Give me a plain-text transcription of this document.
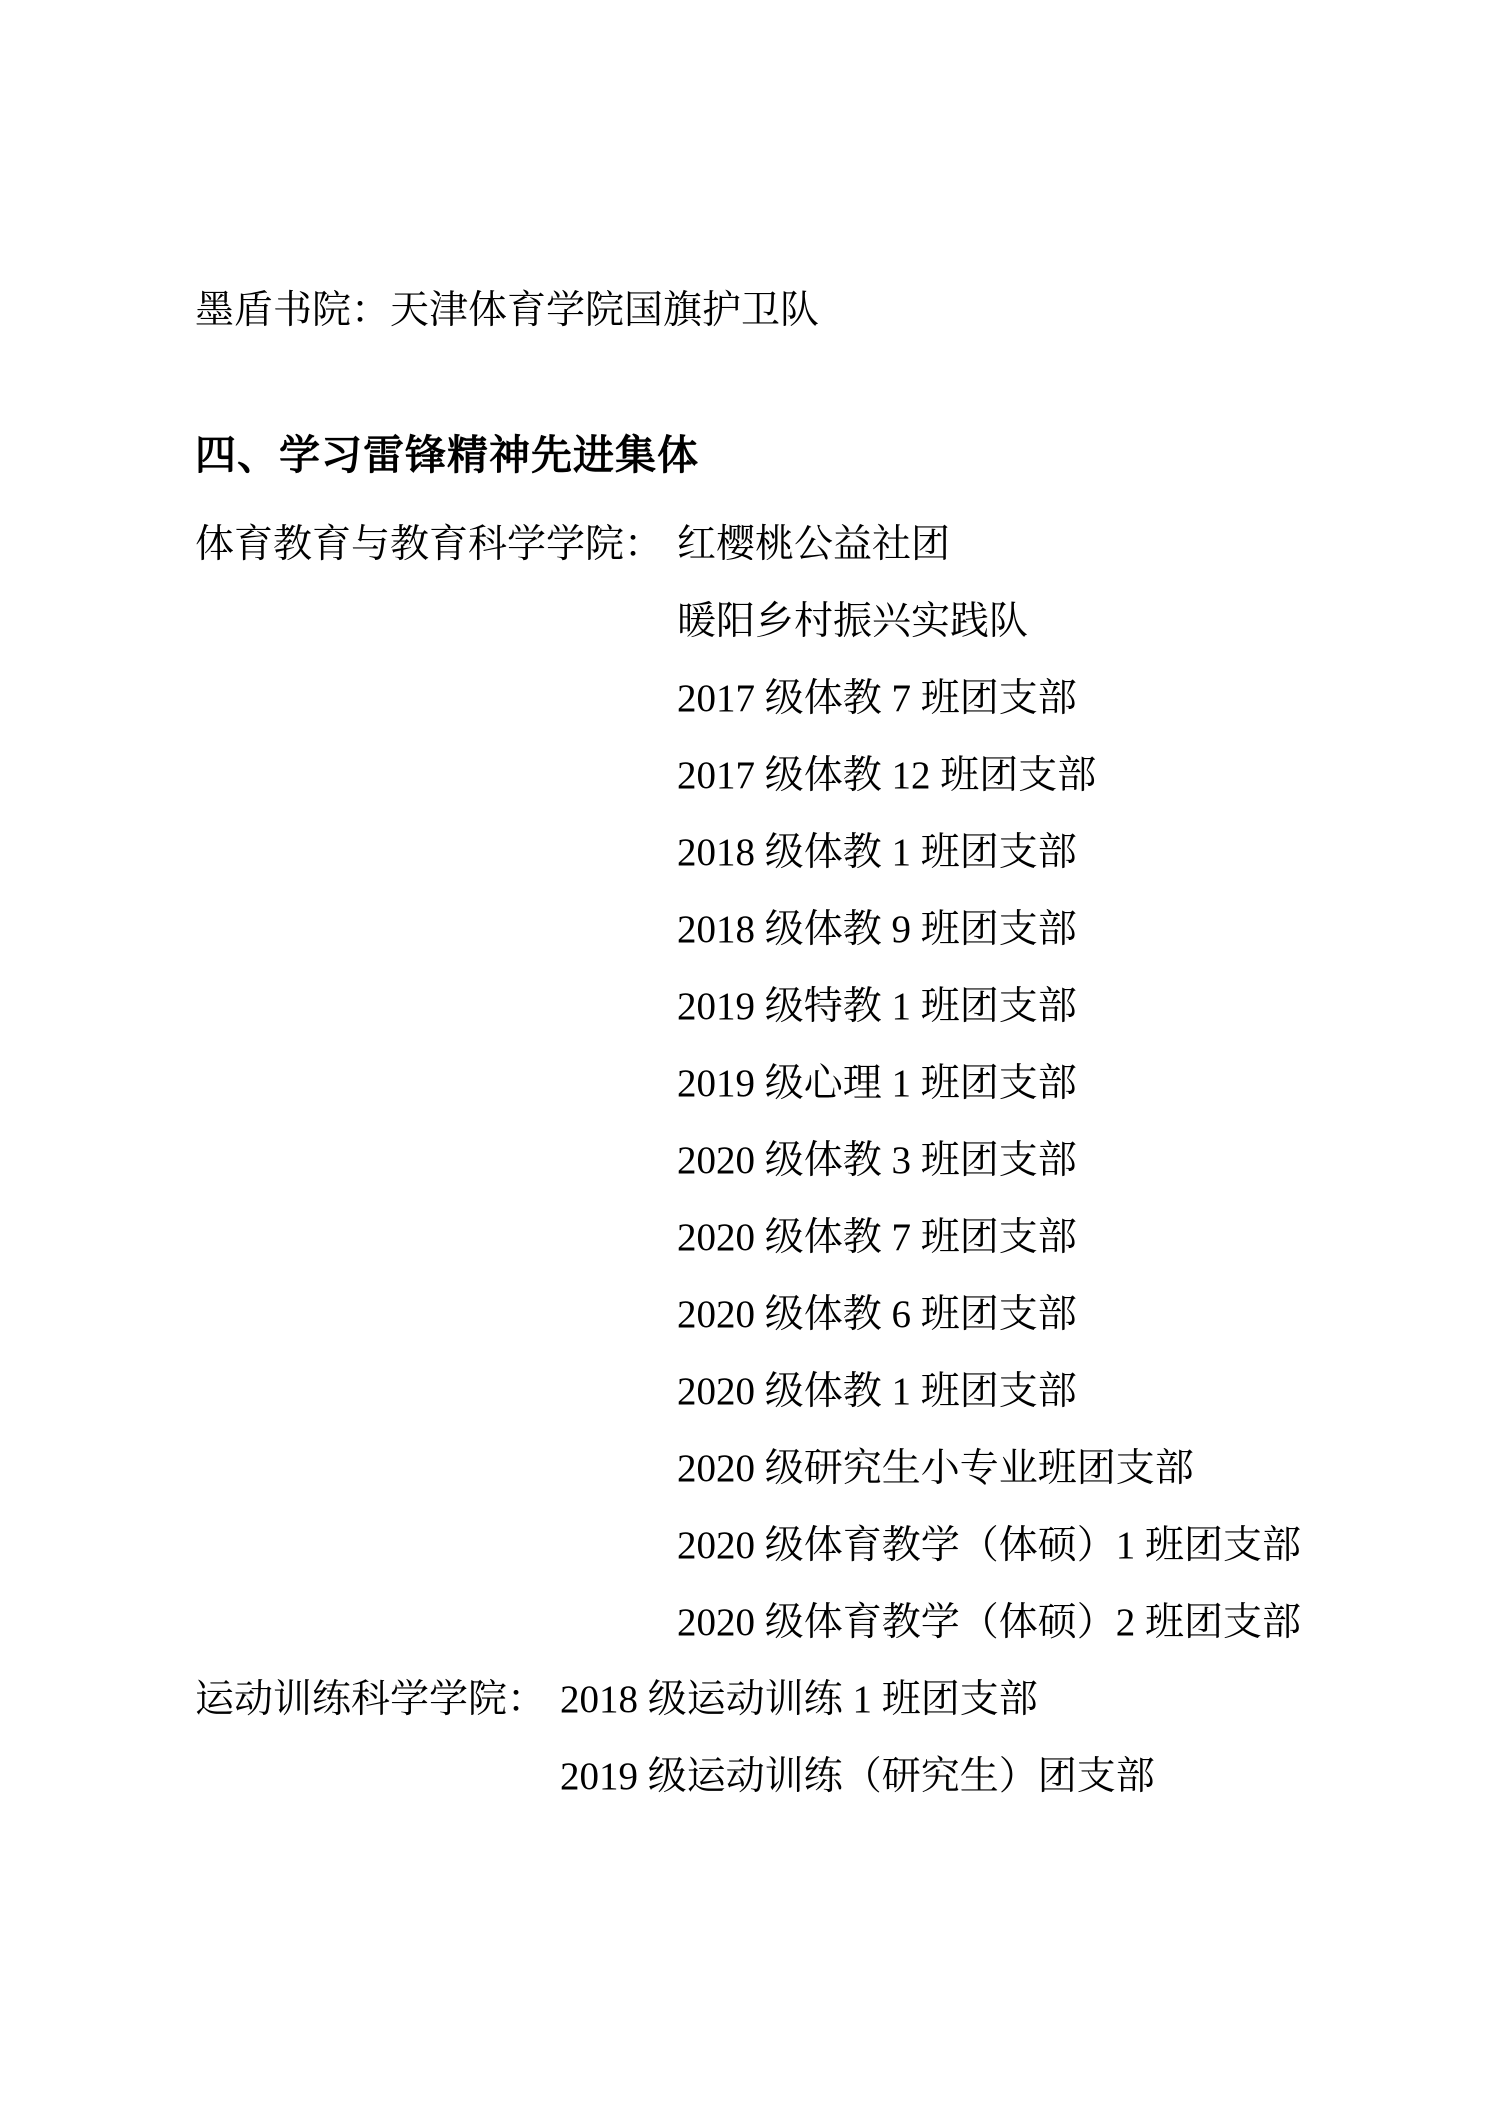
墨盾书院：天津体育学院国旗护卫队

四、学习雷锋精神先进集体
体育教育与教育科学学院： 红樱桃公益社团

暖阳乡村振兴实践队

2017 级体教 7 班团支部

2017 级体教 12 班团支部

2018 级体教 1 班团支部

2018 级体教 9 班团支部

2019 级特教 1 班团支部

2019 级心理 1 班团支部

2020 级体教 3 班团支部

2020 级体教 7 班团支部

2020 级体教 6 班团支部

2020 级体教 1 班团支部

2020 级研究生小专业班团支部

2020 级体育教学（体硕）1 班团支部

2020 级体育教学（体硕）2 班团支部

运动训练科学学院： 2018 级运动训练 1 班团支部

2019 级运动训练（研究生）团支部
